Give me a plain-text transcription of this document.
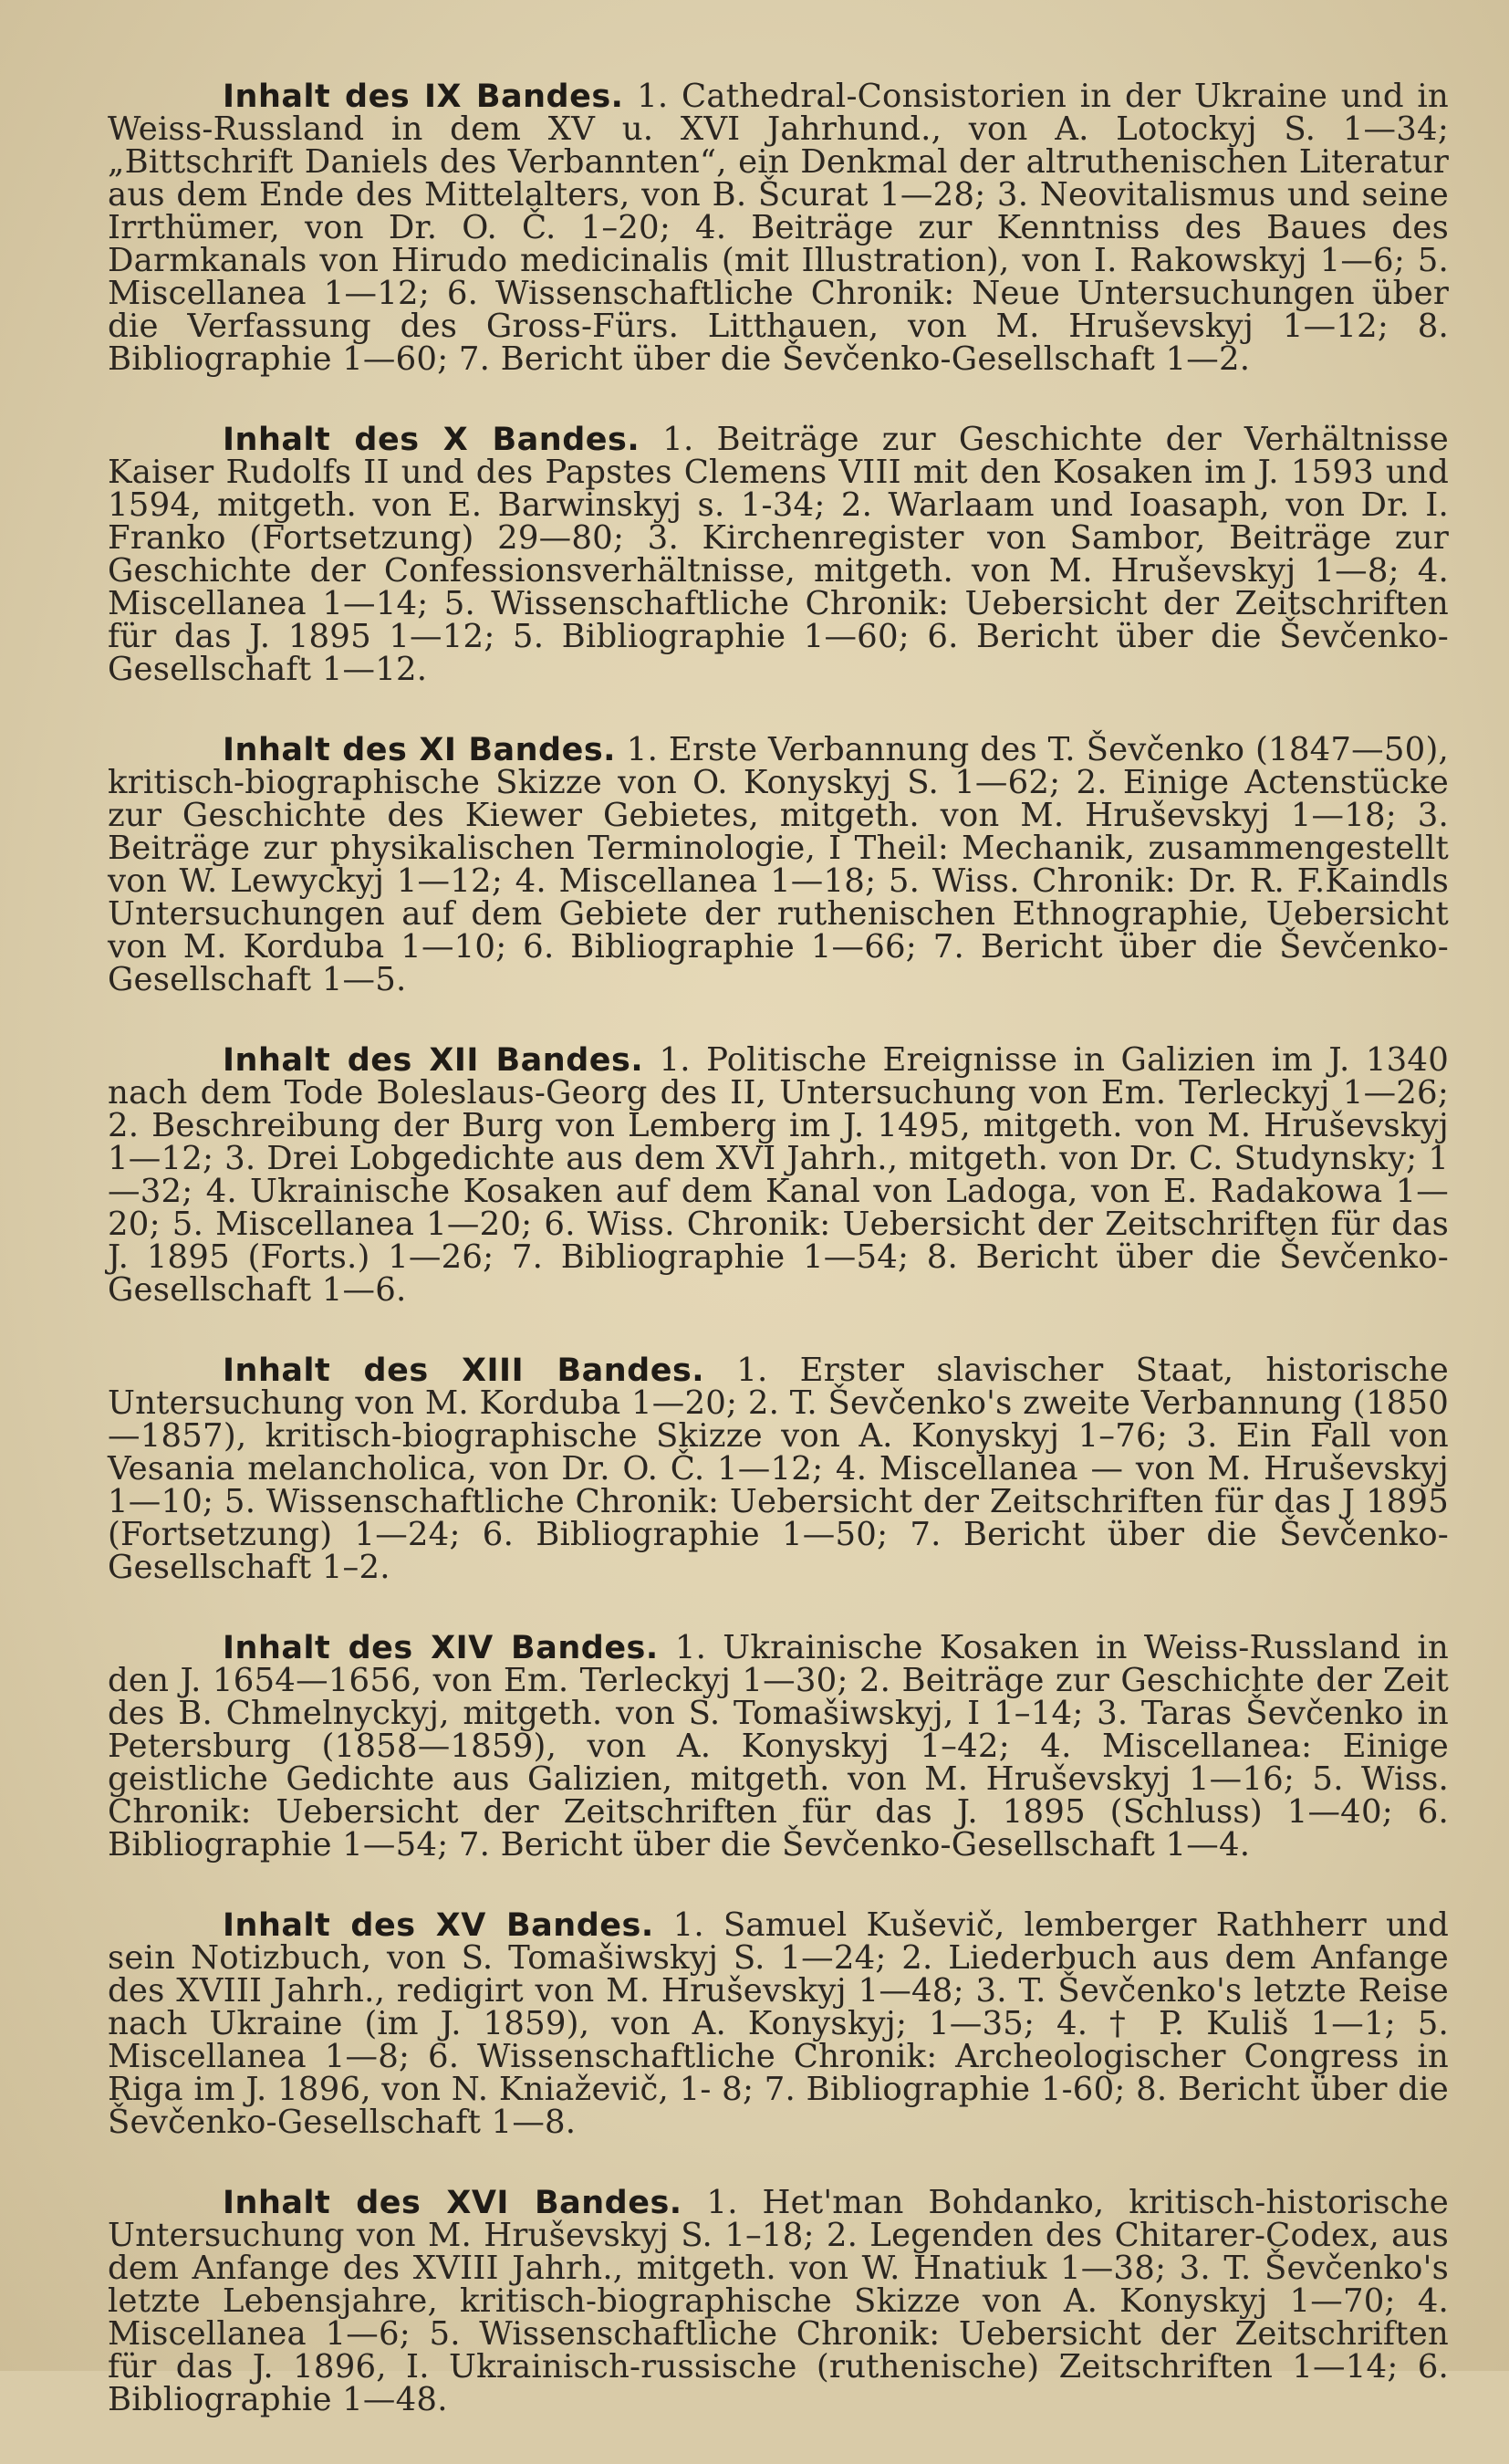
Inhalt des IX Bandes. 1. Cathedral-Consistorien in der Ukraine und in Weiss-Russland in dem XV u. XVI Jahrhund., von A. Lotockyj S. 1—34; „Bittschrift Daniels des Verbannten“, ein Denkmal der altruthenischen Literatur aus dem Ende des Mittelalters, von B. Šcurat 1—28; 3. Neovitalismus und seine Irrthümer, von Dr. O. Č. 1–20; 4. Beiträge zur Kenntniss des Baues des Darmkanals von Hirudo medicinalis (mit Illustration), von I. Rakowskyj 1—6; 5. Miscellanea 1—12; 6. Wissenschaftliche Chronik: Neue Untersuchungen über die Verfassung des Gross-Fürs. Litthauen, von M. Hruševskyj 1—12; 8. Bibliographie 1—60; 7. Bericht über die Ševčenko-Gesellschaft 1—2.

Inhalt des X Bandes. 1. Beiträge zur Geschichte der Verhältnisse Kaiser Rudolfs II und des Papstes Clemens VIII mit den Kosaken im J. 1593 und 1594, mitgeth. von E. Barwinskyj s. 1-34; 2. Warlaam und Ioasaph, von Dr. I. Franko (Fortsetzung) 29—80; 3. Kirchenregister von Sambor, Beiträge zur Geschichte der Confessionsverhältnisse, mitgeth. von M. Hruševskyj 1—8; 4. Miscellanea 1—14; 5. Wissenschaftliche Chronik: Uebersicht der Zeitschriften für das J. 1895 1—12; 5. Bibliographie 1—60; 6. Bericht über die Ševčenko-Gesellschaft 1—12.

Inhalt des XI Bandes. 1. Erste Verbannung des T. Ševčenko (1847—50), kritisch-biographische Skizze von O. Konyskyj S. 1—62; 2. Einige Actenstücke zur Geschichte des Kiewer Gebietes, mitgeth. von M. Hruševskyj 1—18; 3. Beiträge zur physikalischen Terminologie, I Theil: Mechanik, zusammengestellt von W. Lewyckyj 1—12; 4. Miscellanea 1—18; 5. Wiss. Chronik: Dr. R. F.Kaindls Untersuchungen auf dem Gebiete der ruthenischen Ethnographie, Uebersicht von M. Korduba 1—10; 6. Bibliographie 1—66; 7. Bericht über die Ševčenko-Gesellschaft 1—5.

Inhalt des XII Bandes. 1. Politische Ereignisse in Galizien im J. 1340 nach dem Tode Boleslaus-Georg des II, Untersuchung von Em. Terleckyj 1—26; 2. Beschreibung der Burg von Lemberg im J. 1495, mitgeth. von M. Hruševskyj 1—12; 3. Drei Lobgedichte aus dem XVI Jahrh., mitgeth. von Dr. C. Studynsky; 1—32; 4. Ukrainische Kosaken auf dem Kanal von Ladoga, von E. Radakowa 1—20; 5. Miscellanea 1—20; 6. Wiss. Chronik: Uebersicht der Zeitschriften für das J. 1895 (Forts.) 1—26; 7. Bibliographie 1—54; 8. Bericht über die Ševčenko-Gesellschaft 1—6.

Inhalt des XIII Bandes. 1. Erster slavischer Staat, historische Untersuchung von M. Korduba 1—20; 2. T. Ševčenko's zweite Verbannung (1850—1857), kritisch-biographische Skizze von A. Konyskyj 1–76; 3. Ein Fall von Vesania melancholica, von Dr. O. Č. 1—12; 4. Miscellanea — von M. Hruševskyj 1—10; 5. Wissenschaftliche Chronik: Uebersicht der Zeitschriften für das J 1895 (Fortsetzung) 1—24; 6. Bibliographie 1—50; 7. Bericht über die Ševčenko-Gesellschaft 1–2.

Inhalt des XIV Bandes. 1. Ukrainische Kosaken in Weiss-Russland in den J. 1654—1656, von Em. Terleckyj 1—30; 2. Beiträge zur Geschichte der Zeit des B. Chmelnyckyj, mitgeth. von S. Tomašiwskyj, I 1–14; 3. Taras Ševčenko in Petersburg (1858—1859), von A. Konyskyj 1–42; 4. Miscellanea: Einige geistliche Gedichte aus Galizien, mitgeth. von M. Hruševskyj 1—16; 5. Wiss. Chronik: Uebersicht der Zeitschriften für das J. 1895 (Schluss) 1—40; 6. Bibliographie 1—54; 7. Bericht über die Ševčenko-Gesellschaft 1—4.

Inhalt des XV Bandes. 1. Samuel Kuševič, lemberger Rathherr und sein Notizbuch, von S. Tomašiwskyj S. 1—24; 2. Liederbuch aus dem Anfange des XVIII Jahrh., redigirt von M. Hruševskyj 1—48; 3. T. Ševčenko's letzte Reise nach Ukraine (im J. 1859), von A. Konyskyj; 1—35; 4. † P. Kuliš 1—1; 5. Miscellanea 1—8; 6. Wissenschaftliche Chronik: Archeologischer Congress in Riga im J. 1896, von N. Kniaževič, 1- 8; 7. Bibliographie 1-60; 8. Bericht über die Ševčenko-Gesellschaft 1—8.

Inhalt des XVI Bandes. 1. Het'man Bohdanko, kritisch-historische Untersuchung von M. Hruševskyj S. 1–18; 2. Legenden des Chitarer-Codex, aus dem Anfange des XVIII Jahrh., mitgeth. von W. Hnatiuk 1—38; 3. T. Ševčenko's letzte Lebensjahre, kritisch-biographische Skizze von A. Konyskyj 1—70; 4. Miscellanea 1—6; 5. Wissenschaftliche Chronik: Uebersicht der Zeitschriften für das J. 1896, I. Ukrainisch-russische (ruthenische) Zeitschriften 1—14; 6. Bibliographie 1—48.
